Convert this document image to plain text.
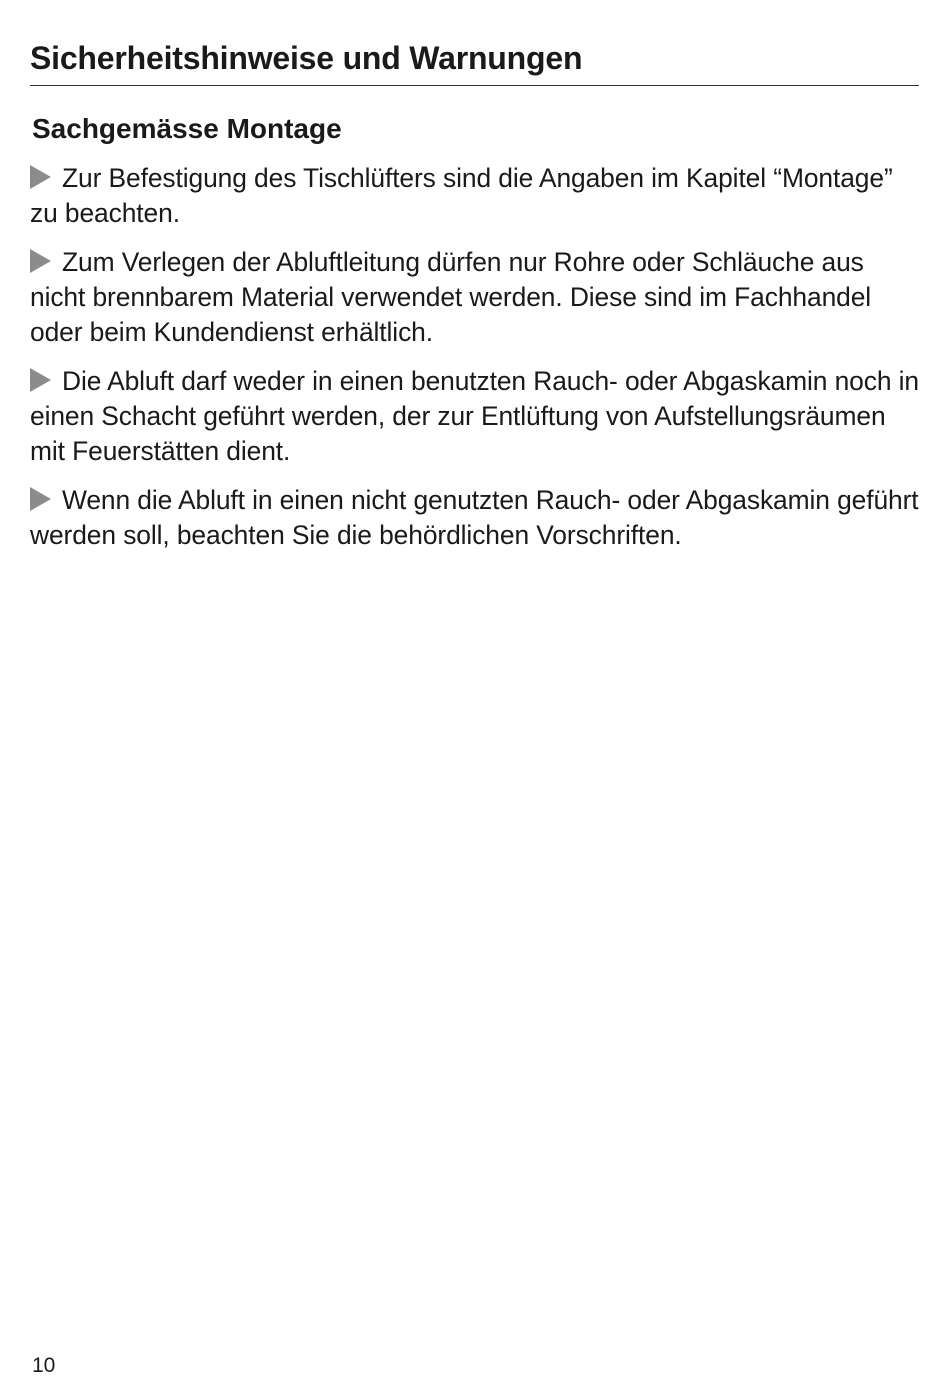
Sicherheitshinweise und Warnungen
Sachgemässe Montage

Zur Befestigung des Tischlüfters sind die Angaben im Kapitel “Montage” zu beachten.

Zum Verlegen der Abluftleitung dürfen nur Rohre oder Schläuche aus nicht brennbarem Material verwendet werden. Diese sind im Fachhandel oder beim Kundendienst erhältlich.

Die Abluft darf weder in einen benutzten Rauch- oder Abgaskamin noch in einen Schacht geführt werden, der zur Entlüftung von Aufstellungsräumen mit Feuerstätten dient.

Wenn die Abluft in einen nicht genutzten Rauch- oder Abgaskamin geführt werden soll, beachten Sie die behördlichen Vorschriften.

10
